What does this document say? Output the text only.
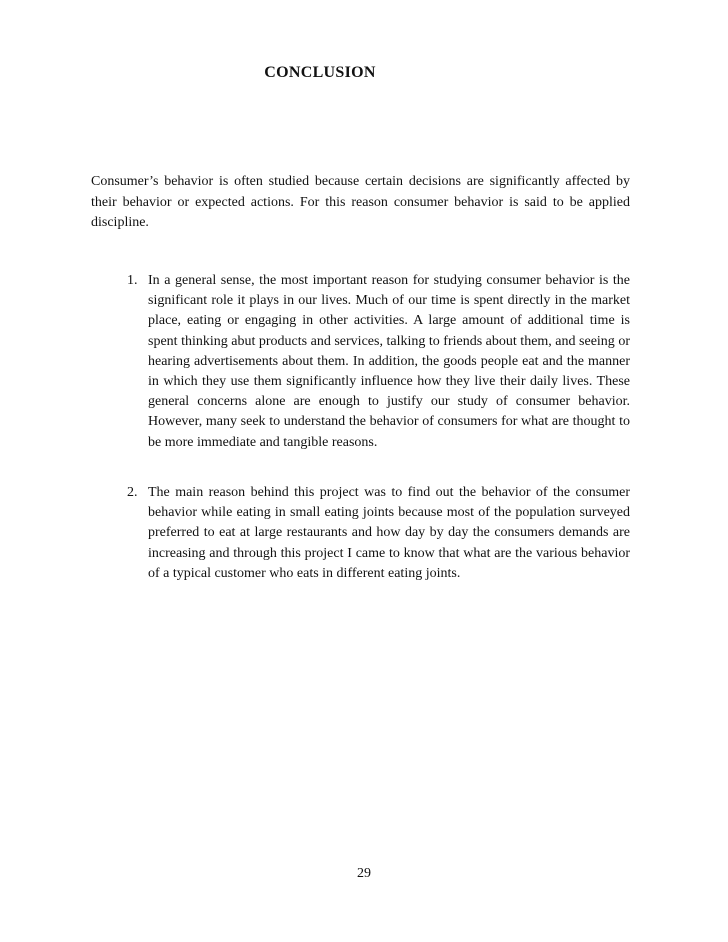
CONCLUSION

Consumer’s behavior is often studied because certain decisions are significantly affected by their behavior or expected actions. For this reason consumer behavior is said to be applied discipline.

1. In a general sense, the most important reason for studying consumer behavior is the significant role it plays in our lives. Much of our time is spent directly in the market place, eating or engaging in other activities. A large amount of additional time is spent thinking abut products and services, talking to friends about them, and seeing or hearing advertisements about them. In addition, the goods people eat and the manner in which they use them significantly influence how they live their daily lives. These general concerns alone are enough to justify our study of consumer behavior. However, many seek to understand the behavior of consumers for what are thought to be more immediate and tangible reasons.
2. The main reason behind this project was to find out the behavior of the consumer behavior while eating in small eating joints because most of the population surveyed preferred to eat at large restaurants and how day by day the consumers demands are increasing and through this project I came to know that what are the various behavior of a typical customer who eats in different eating joints.
29
